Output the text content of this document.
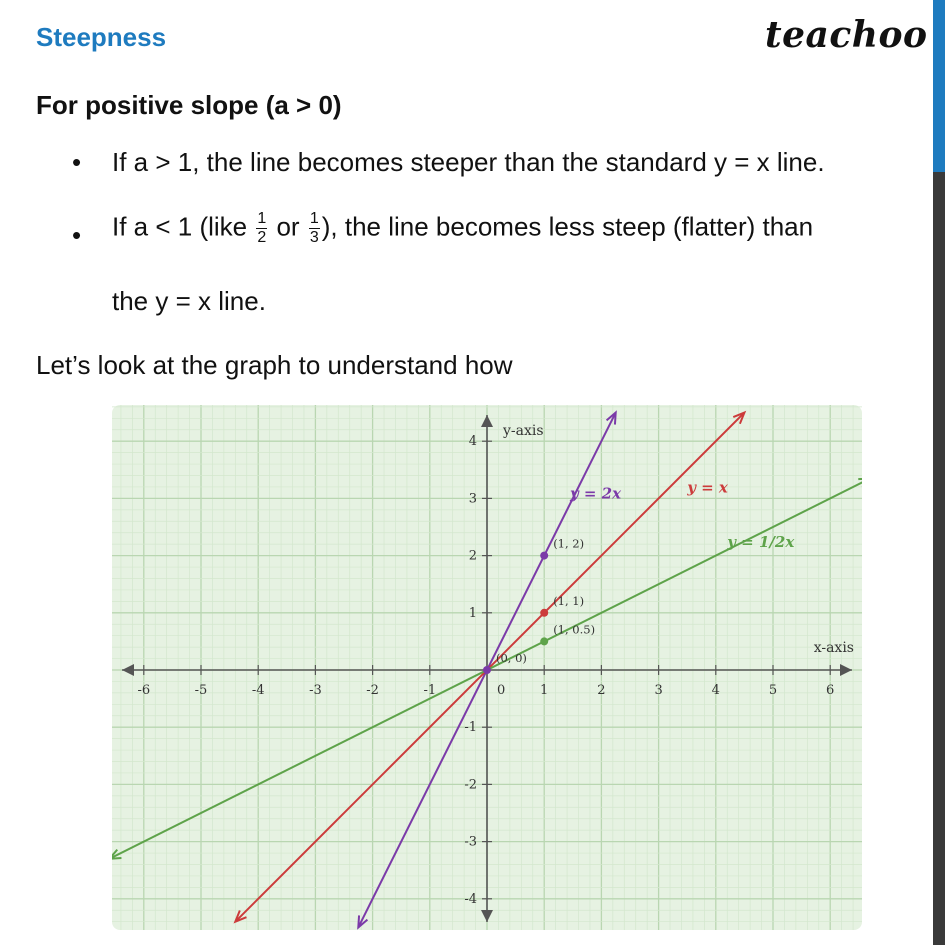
Steepness	teachoo
For positive slope (a > 0)
• If a > 1, the line becomes steeper than the standard y = x line.
• If a < 1 (like $\frac{1}{2}$ or $\frac{1}{3}$ ), the line becomes less steep (flatter) than
the y = x line.
Let’s look at the graph to understand how
-6	-5	-4	-3	-2	-1	1	2	3	4	5	6
-4
-3
-2
-1
1
2
3
4
0
x-axis
y-axis
y = 2x	y = x
y = 1/2x
(1, 2)
(1, 1)
(1, 0.5)
(0, 0)
